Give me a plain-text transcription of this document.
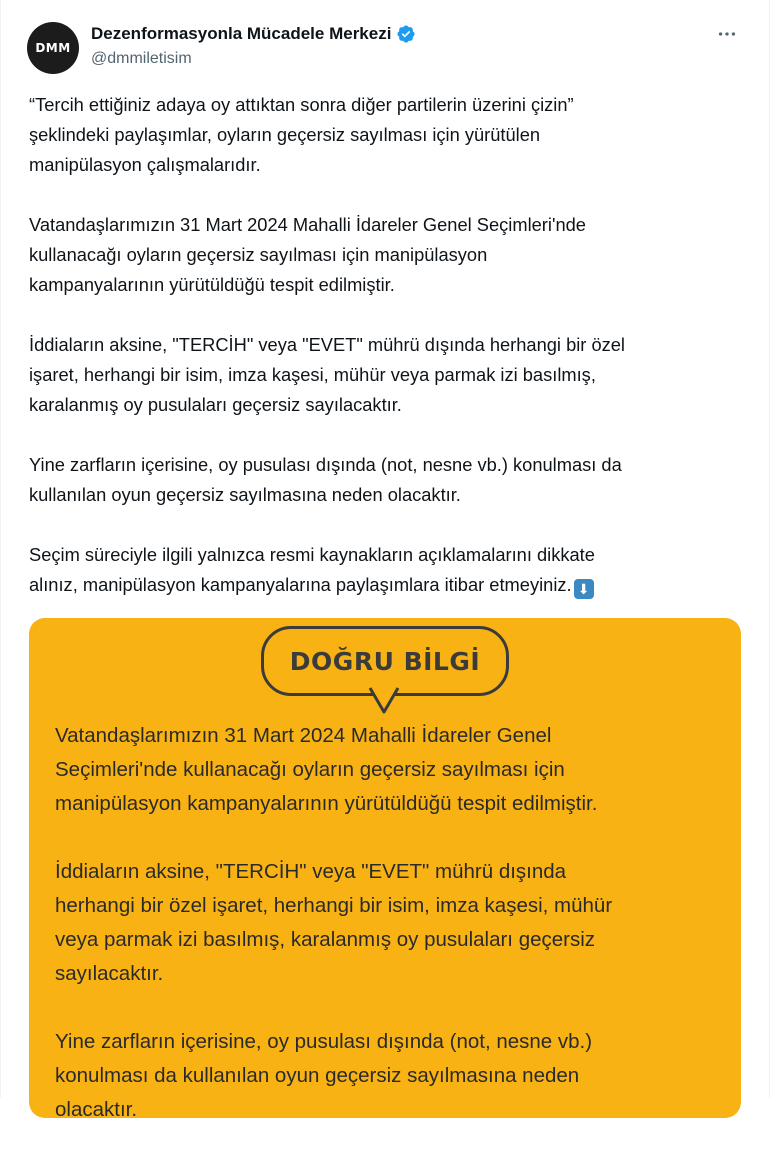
DMM
Dezenformasyonla Mücadele Merkezi
@dmmiletisim

“Tercih ettiğiniz adaya oy attıktan sonra diğer partilerin üzerini çizin”
şeklindeki paylaşımlar, oyların geçersiz sayılması için yürütülen
manipülasyon çalışmalarıdır.

Vatandaşlarımızın 31 Mart 2024 Mahalli İdareler Genel Seçimleri'nde
kullanacağı oyların geçersiz sayılması için manipülasyon
kampanyalarının yürütüldüğü tespit edilmiştir.

İddiaların aksine, "TERCİH" veya "EVET" mührü dışında herhangi bir özel
işaret, herhangi bir isim, imza kaşesi, mühür veya parmak izi basılmış,
karalanmış oy pusulaları geçersiz sayılacaktır.

Yine zarfların içerisine, oy pusulası dışında (not, nesne vb.) konulması da
kullanılan oyun geçersiz sayılmasına neden olacaktır.

Seçim süreciyle ilgili yalnızca resmi kaynakların açıklamalarını dikkate
alınız, manipülasyon kampanyalarına paylaşımlara itibar etmeyiniz. ⬇

DOĞRU BİLGİ

Vatandaşlarımızın 31 Mart 2024 Mahalli İdareler Genel
Seçimleri'nde kullanacağı oyların geçersiz sayılması için
manipülasyon kampanyalarının yürütüldüğü tespit edilmiştir.

İddiaların aksine, "TERCİH" veya "EVET" mührü dışında
herhangi bir özel işaret, herhangi bir isim, imza kaşesi, mühür
veya parmak izi basılmış, karalanmış oy pusulaları geçersiz
sayılacaktır.

Yine zarfların içerisine, oy pusulası dışında (not, nesne vb.)
konulması da kullanılan oyun geçersiz sayılmasına neden
olacaktır.
